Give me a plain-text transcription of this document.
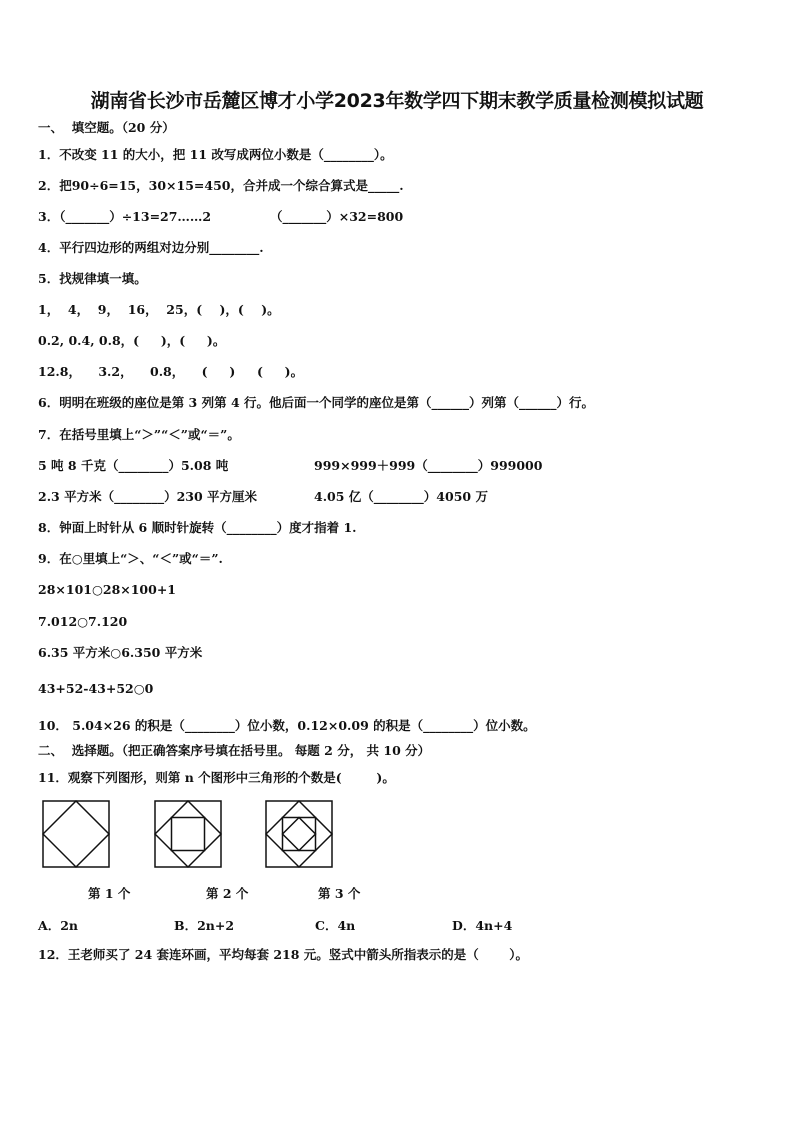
湖南省长沙市岳麓区博才小学2023年数学四下期末教学质量检测模拟试题
一、  填空题。（20 分）
1．不改变 11 的大小，把 11 改写成两位小数是（________）。
2．把90÷6=15，30×15=450，合并成一个综合算式是_____.
3．（_______）÷13=27……2	（_______）×32=800
4．平行四边形的两组对边分别________.
5．找规律填一填。
1，  4，  9，  16，  25，(    )，(    )。
0.2, 0.4, 0.8，(     )，(     )。
12.8，    3.2，    0.8，    (     )     (     )。
6．明明在班级的座位是第 3 列第 4 行。他后面一个同学的座位是第（______）列第（______）行。
7．在括号里填上“＞”“＜”或“＝”。
5 吨 8 千克（________）5.08 吨	999×999＋999（________）999000
2.3 平方米（________）230 平方厘米	4.05 亿（________）4050 万
8．钟面上时针从 6 顺时针旋转（________）度才指着 1.
9．在○里填上“＞、“＜”或“＝”.
28×101○28×100+1
7.012○7.120
6.35 平方米○6.350 平方米
43+52-43+52○0
10． 5.04×26 的积是（________）位小数，0.12×0.09 的积是（________）位小数。
二、  选择题。（把正确答案序号填在括号里。 每题 2 分， 共 10 分）
11．观察下列图形，则第 n 个图形中三角形的个数是(        )。
第 1 个	第 2 个	第 3 个
A．2n	B．2n+2	C．4n	D．4n+4
12．王老师买了 24 套连环画，平均每套 218 元。竖式中箭头所指表示的是（       ）。
